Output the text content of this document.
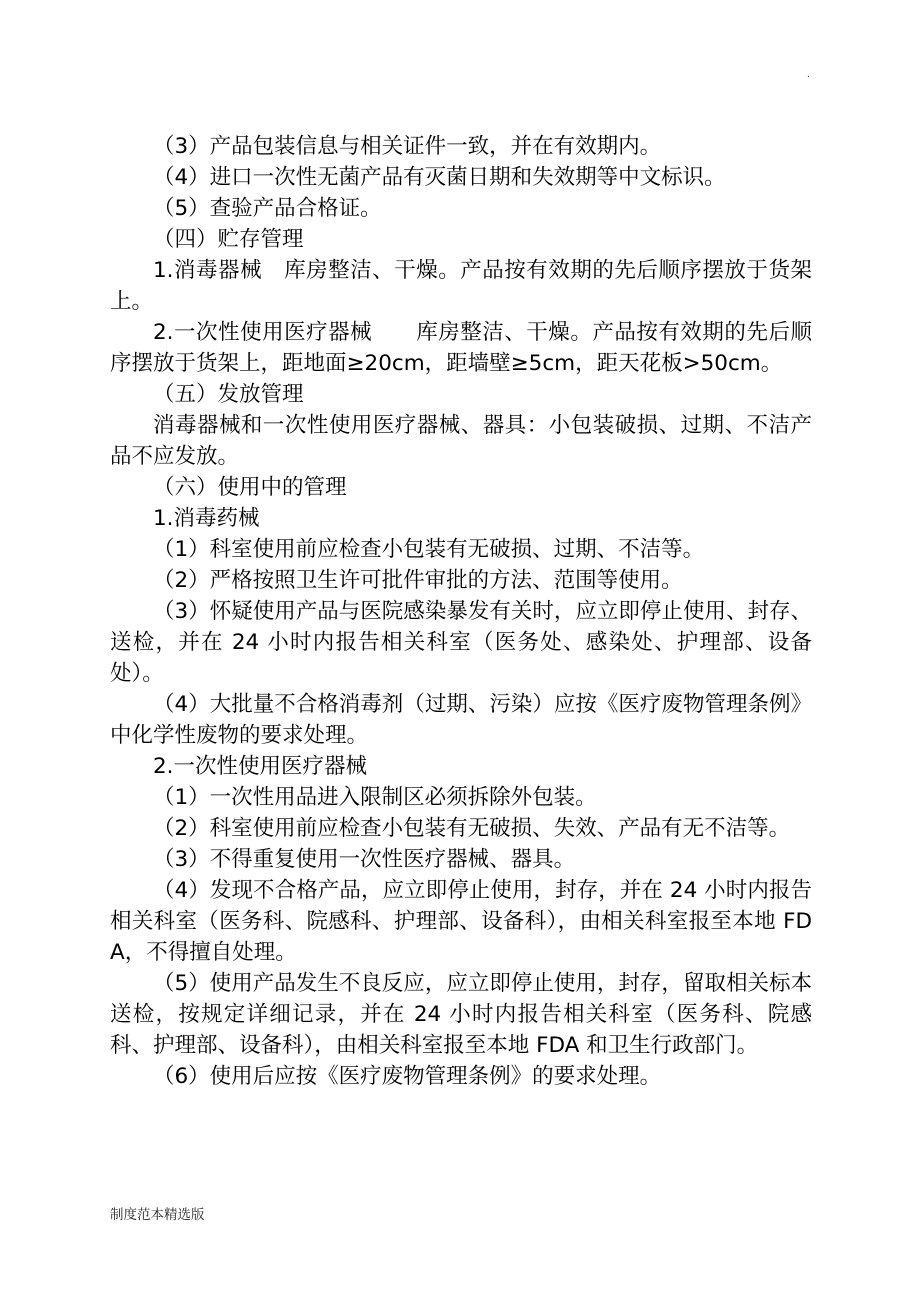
.

（3）产品包装信息与相关证件一致，并在有效期内。

（4）进口一次性无菌产品有灭菌日期和失效期等中文标识。

（5）查验产品合格证。

（四）贮存管理

1.消毒器械　库房整洁、干燥。产品按有效期的先后顺序摆放于货架上。

2.一次性使用医疗器械　　库房整洁、干燥。产品按有效期的先后顺序摆放于货架上，距地面≥20cm，距墙壁≥5cm，距天花板>50cm。

（五）发放管理

消毒器械和一次性使用医疗器械、器具：小包装破损、过期、不洁产品不应发放。

（六）使用中的管理

1.消毒药械

（1）科室使用前应检查小包装有无破损、过期、不洁等。

（2）严格按照卫生许可批件审批的方法、范围等使用。

（3）怀疑使用产品与医院感染暴发有关时，应立即停止使用、封存、送检，并在 24 小时内报告相关科室（医务处、感染处、护理部、设备处）。

（4）大批量不合格消毒剂（过期、污染）应按《医疗废物管理条例》中化学性废物的要求处理。

2.一次性使用医疗器械

（1）一次性用品进入限制区必须拆除外包装。

（2）科室使用前应检查小包装有无破损、失效、产品有无不洁等。

（3）不得重复使用一次性医疗器械、器具。

（4）发现不合格产品，应立即停止使用，封存，并在 24 小时内报告相关科室（医务科、院感科、护理部、设备科），由相关科室报至本地 FDA，不得擅自处理。

（5）使用产品发生不良反应，应立即停止使用，封存，留取相关标本送检，按规定详细记录，并在 24 小时内报告相关科室（医务科、院感科、护理部、设备科），由相关科室报至本地 FDA 和卫生行政部门。

（6）使用后应按《医疗废物管理条例》的要求处理。

制度范本精选版
